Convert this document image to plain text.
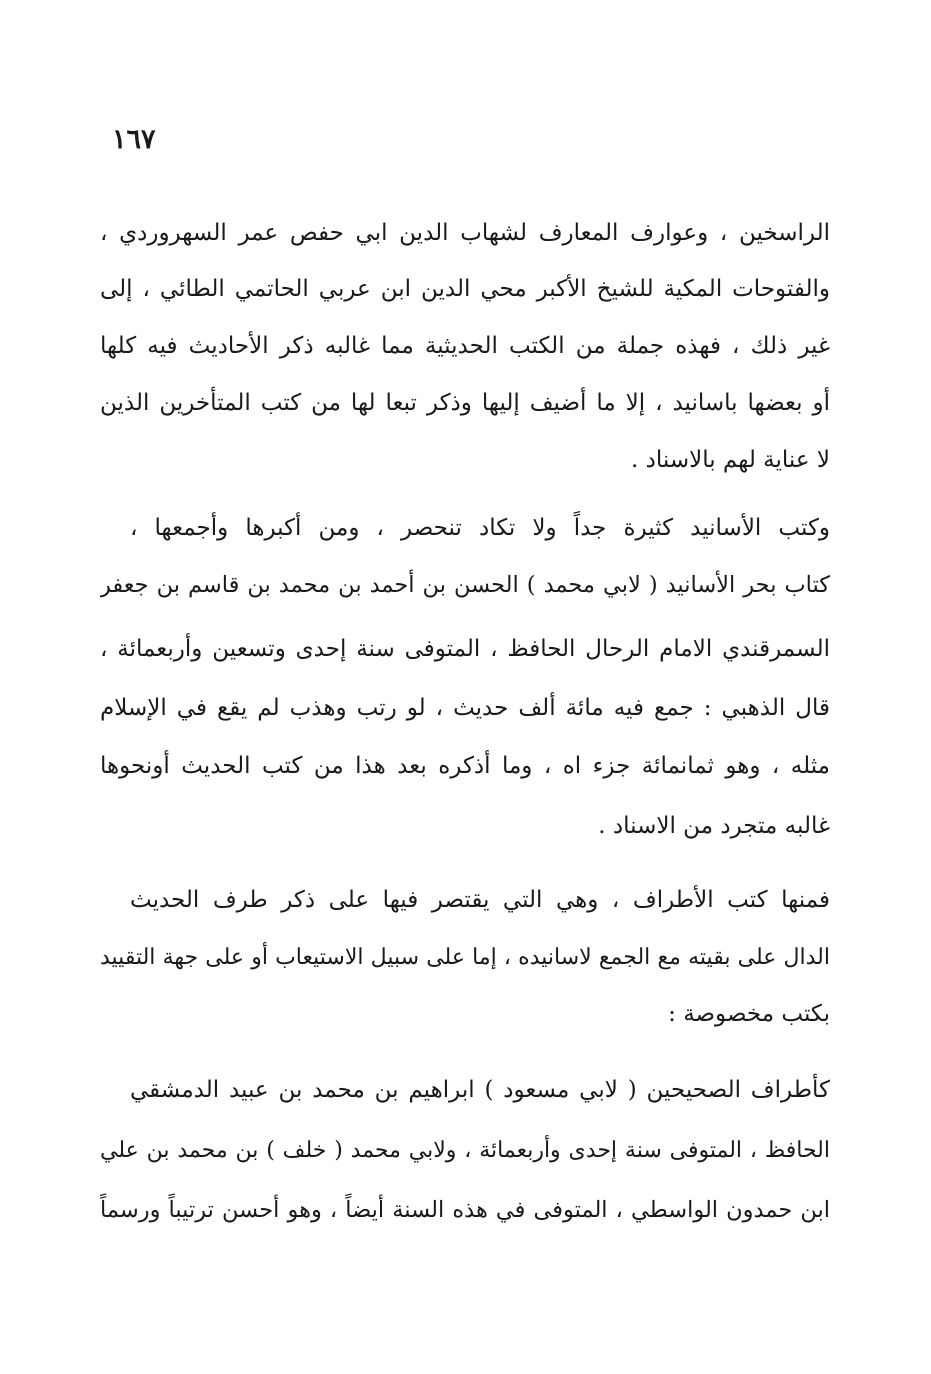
١٦٧
الراسخين ، وعوارف المعارف لشهاب الدين ابي حفص عمر السهروردي ،
والفتوحات المكية للشيخ الأكبر محي الدين ابن عربي الحاتمي الطائي ، إلى
غير ذلك ، فهذه جملة من الكتب الحديثية مما غالبه ذكر الأحاديث فيه كلها
أو بعضها باسانيد ، إلا ما أضيف إليها وذكر تبعا لها من كتب المتأخرين الذين
لا عناية لهم بالاسناد .
وكتب الأسانيد كثيرة جداً ولا تكاد تنحصر ، ومن أكبرها وأجمعها ،
كتاب بحر الأسانيد ( لابي محمد ) الحسن بن أحمد بن محمد بن قاسم بن جعفر
السمرقندي الامام الرحال الحافظ ، المتوفى سنة إحدى وتسعين وأربعمائة ،
قال الذهبي : جمع فيه مائة ألف حديث ، لو رتب وهذب لم يقع في الإسلام
مثله ، وهو ثمانمائة جزء اه ، وما أذكره بعد هذا من كتب الحديث أونحوها
غالبه متجرد من الاسناد .
فمنها كتب الأطراف ، وهي التي يقتصر فيها على ذكر طرف الحديث
الدال على بقيته مع الجمع لاسانيده ، إما على سبيل الاستيعاب أو على جهة التقييد
بكتب مخصوصة :
كأطراف الصحيحين ( لابي مسعود ) ابراهيم بن محمد بن عبيد الدمشقي
الحافظ ، المتوفى سنة إحدى وأربعمائة ، ولابي محمد ( خلف ) بن محمد بن علي
ابن حمدون الواسطي ، المتوفى في هذه السنة أيضاً ، وهو أحسن ترتيباً ورسماً
